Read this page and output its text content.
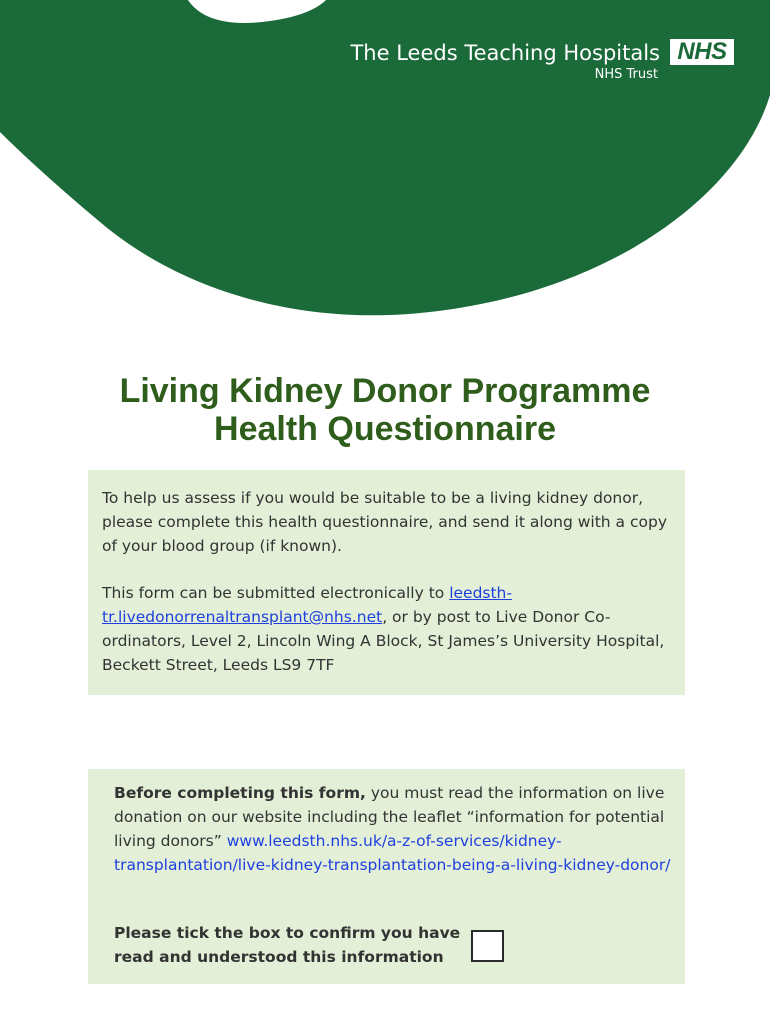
The Leeds Teaching Hospitals
NHS Trust
NHS
Living Kidney Donor Programme
Health Questionnaire
To help us assess if you would be suitable to be a living kidney donor, please complete this health questionnaire, and send it along with a copy of your blood group (if known).
This form can be submitted electronically to leedsth-tr.livedonorrenaltransplant@nhs.net, or by post to Live Donor Co-ordinators, Level 2, Lincoln Wing A Block, St James’s University Hospital, Beckett Street, Leeds LS9 7TF
Before completing this form, you must read the information on live donation on our website including the leaflet “information for potential living donors” www.leedsth.nhs.uk/a-z-of-services/kidney-transplantation/live-kidney-transplantation-being-a-living-kidney-donor/
Please tick the box to confirm you have read and understood this information
